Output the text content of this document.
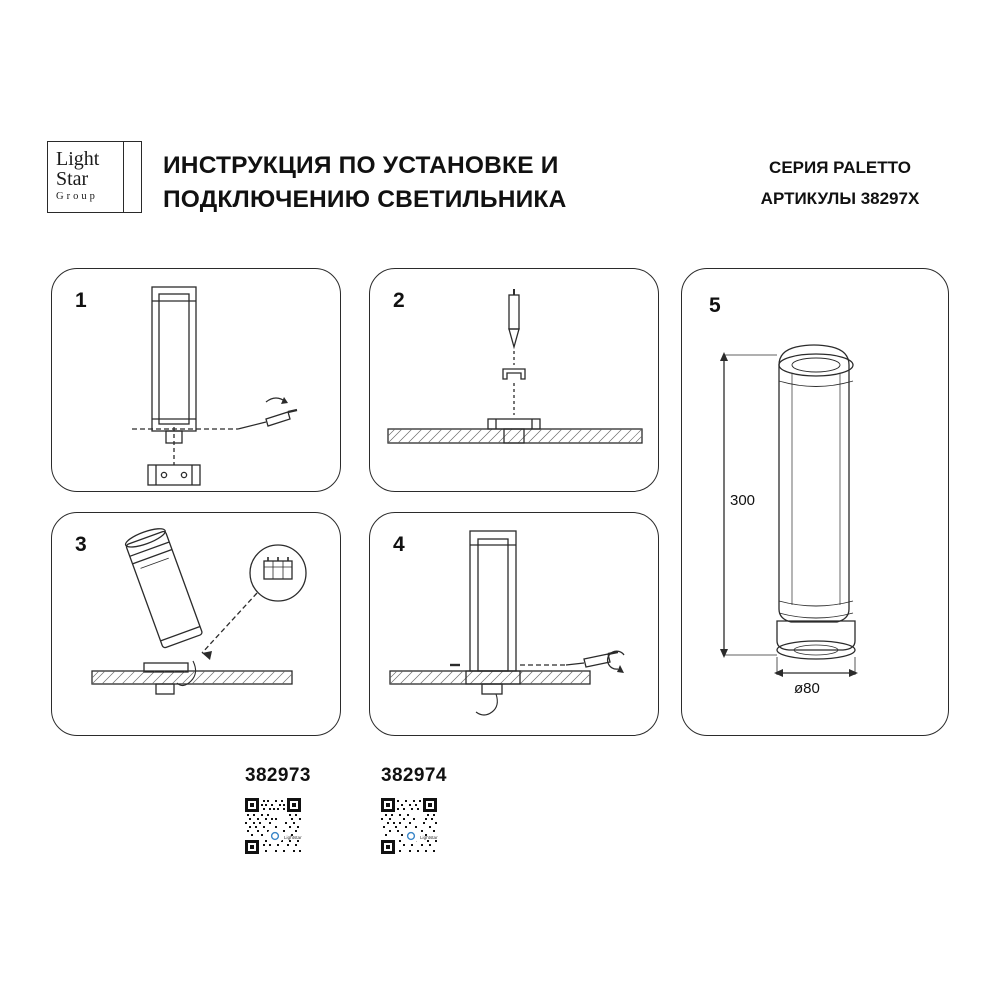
Light
Star
Group
ИНСТРУКЦИЯ ПО УСТАНОВКЕ И ПОДКЛЮЧЕНИЮ СВЕТИЛЬНИКА
СЕРИЯ PALETTO
АРТИКУЛЫ 38297X
1	2
3	4
5
300
ø80
382973	382974
Lightstar	Lightstar
